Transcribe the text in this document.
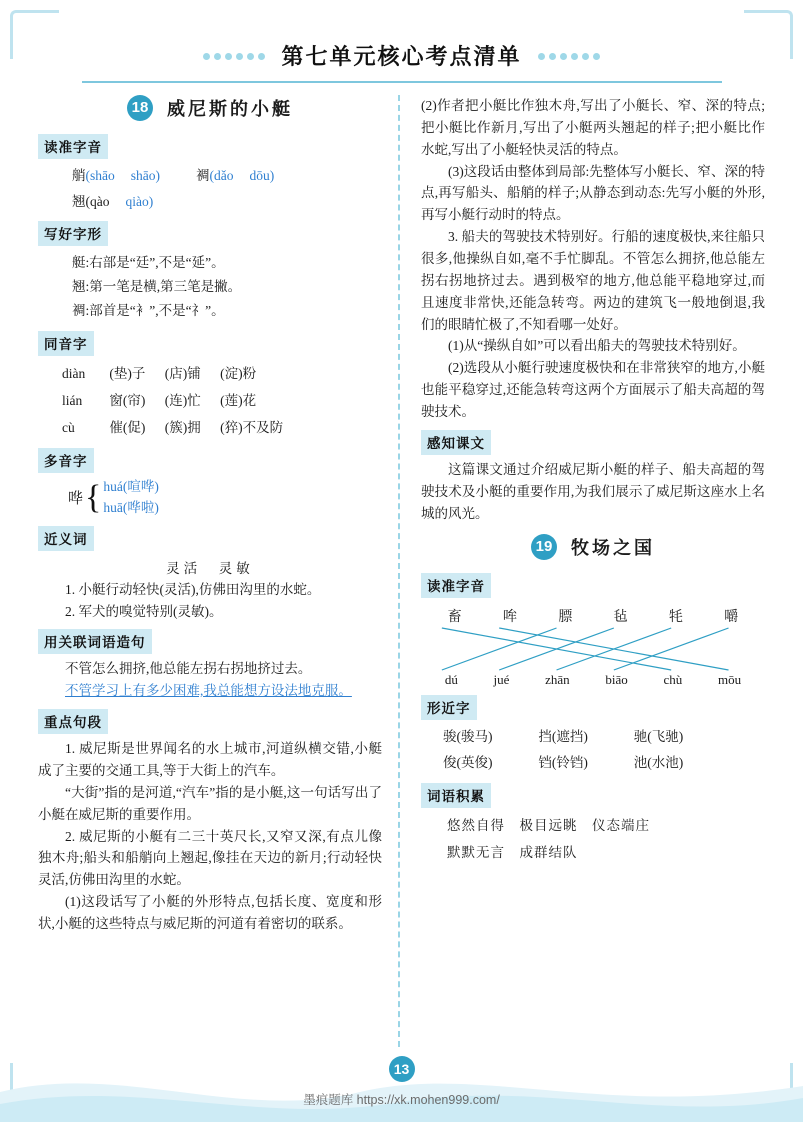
第七单元核心考点清单
18 威尼斯的小艇
读准字音
艄(shāo shāo)	裯(dǎo dōu)
翘(qào qiào)
写好字形
艇:右部是“廷”,不是“延”。
翘:第一笔是横,第三笔是撇。
裯:部首是“衤”,不是“礻”。
同音字
diàn (垫)子 (店)铺 (淀)粉
lián 窗(帘) (连)忙 (莲)花
cù	催(促) (簇)拥 (猝)不及防
多音字
哗 { huá(喧哗)
huā(哗啦)
近义词
灵活　灵敏
1. 小艇行动轻快(灵活),仿佛田沟里的水蛇。
2. 军犬的嗅觉特别(灵敏)。
用关联词语造句
不管怎么拥挤,他总能左拐右拐地挤过去。
不管学习上有多少困难,我总能想方设法地克服。
重点句段
1. 威尼斯是世界闻名的水上城市,河道纵横交错,小艇成了主要的交通工具,等于大街上的汽车。
“大街”指的是河道,“汽车”指的是小艇,这一句话写出了小艇在威尼斯的重要作用。
2. 威尼斯的小艇有二三十英尺长,又窄又深,有点儿像独木舟;船头和船艄向上翘起,像挂在天边的新月;行动轻快灵活,仿佛田沟里的水蛇。
(1)这段话写了小艇的外形特点,包括长度、宽度和形状,小艇的这些特点与威尼斯的河道有着密切的联系。
(2)作者把小艇比作独木舟,写出了小艇长、窄、深的特点;把小艇比作新月,写出了小艇两头翘起的样子;把小艇比作水蛇,写出了小艇轻快灵活的特点。
(3)这段话由整体到局部:先整体写小艇长、窄、深的特点,再写船头、船艄的样子;从静态到动态:先写小艇的外形,再写小艇行动时的特点。
3. 船夫的驾驶技术特别好。行船的速度极快,来往船只很多,他操纵自如,毫不手忙脚乱。不管怎么拥挤,他总能左拐右拐地挤过去。遇到极窄的地方,他总能平稳地穿过,而且速度非常快,还能急转弯。两边的建筑飞一般地倒退,我们的眼睛忙极了,不知看哪一处好。
(1)从“操纵自如”可以看出船夫的驾驶技术特别好。
(2)选段从小艇行驶速度极快和在非常狭窄的地方,小艇也能平稳穿过,还能急转弯这两个方面展示了船夫高超的驾驶技术。
感知课文
这篇课文通过介绍威尼斯小艇的样子、船夫高超的驾驶技术及小艇的重要作用,为我们展示了威尼斯这座水上名城的风光。
19 牧场之国
读准字音
畜	哞	膘	毡	牦	嚼
dú	jué	zhān	biāo	chù	mōu
形近字
骏(骏马)	挡(遮挡)	驰(飞驰)
俊(英俊)	铛(铃铛)	池(水池)
词语积累
悠然自得　极目远眺　仪态端庄
默默无言　成群结队
13
墨痕题库 https://xk.mohen999.com/
